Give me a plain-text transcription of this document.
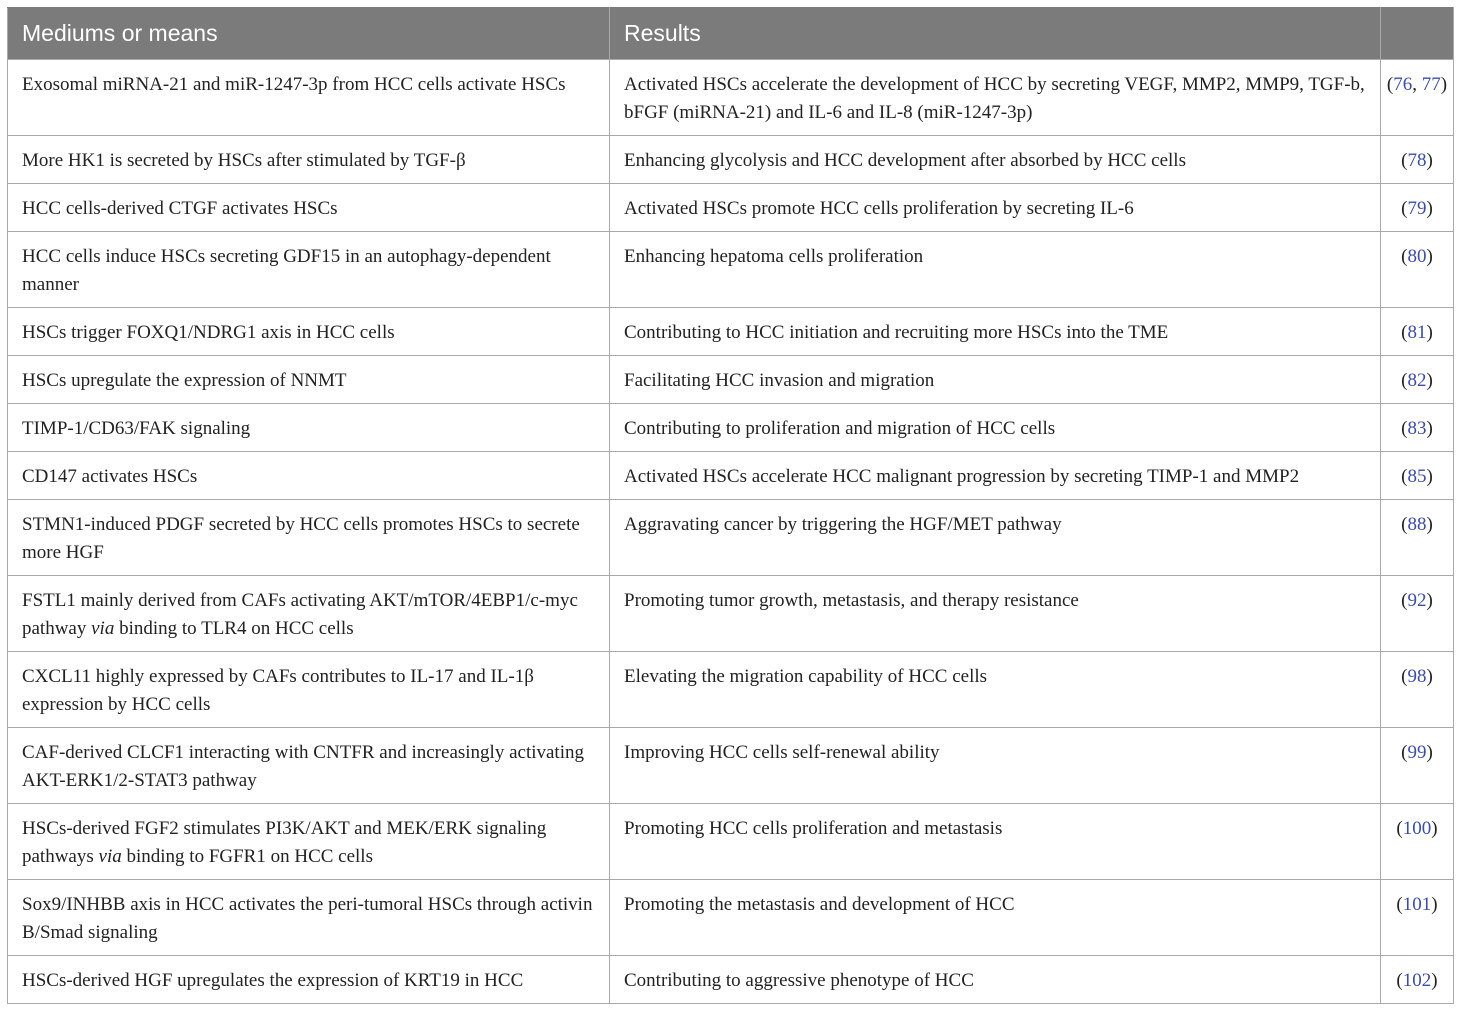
Mediums or means	Results	
Exosomal miRNA-21 and miR-1247-3p from HCC cells activate HSCs	Activated HSCs accelerate the development of HCC by secreting VEGF, MMP2, MMP9, TGF-b, bFGF (miRNA-21) and IL-6 and IL-8 (miR-1247-3p)	(76, 77)
More HK1 is secreted by HSCs after stimulated by TGF-β	Enhancing glycolysis and HCC development after absorbed by HCC cells	(78)
HCC cells-derived CTGF activates HSCs	Activated HSCs promote HCC cells proliferation by secreting IL-6	(79)
HCC cells induce HSCs secreting GDF15 in an autophagy-dependent manner	Enhancing hepatoma cells proliferation	(80)
HSCs trigger FOXQ1/NDRG1 axis in HCC cells	Contributing to HCC initiation and recruiting more HSCs into the TME	(81)
HSCs upregulate the expression of NNMT	Facilitating HCC invasion and migration	(82)
TIMP-1/CD63/FAK signaling	Contributing to proliferation and migration of HCC cells	(83)
CD147 activates HSCs	Activated HSCs accelerate HCC malignant progression by secreting TIMP-1 and MMP2	(85)
STMN1-induced PDGF secreted by HCC cells promotes HSCs to secrete more HGF	Aggravating cancer by triggering the HGF/MET pathway	(88)
FSTL1 mainly derived from CAFs activating AKT/mTOR/4EBP1/c-myc pathway via binding to TLR4 on HCC cells	Promoting tumor growth, metastasis, and therapy resistance	(92)
CXCL11 highly expressed by CAFs contributes to IL-17 and IL-1β expression by HCC cells	Elevating the migration capability of HCC cells	(98)
CAF-derived CLCF1 interacting with CNTFR and increasingly activating AKT-ERK1/2-STAT3 pathway	Improving HCC cells self-renewal ability	(99)
HSCs-derived FGF2 stimulates PI3K/AKT and MEK/ERK signaling pathways via binding to FGFR1 on HCC cells	Promoting HCC cells proliferation and metastasis	(100)
Sox9/INHBB axis in HCC activates the peri-tumoral HSCs through activin B/Smad signaling	Promoting the metastasis and development of HCC	(101)
HSCs-derived HGF upregulates the expression of KRT19 in HCC	Contributing to aggressive phenotype of HCC	(102)
